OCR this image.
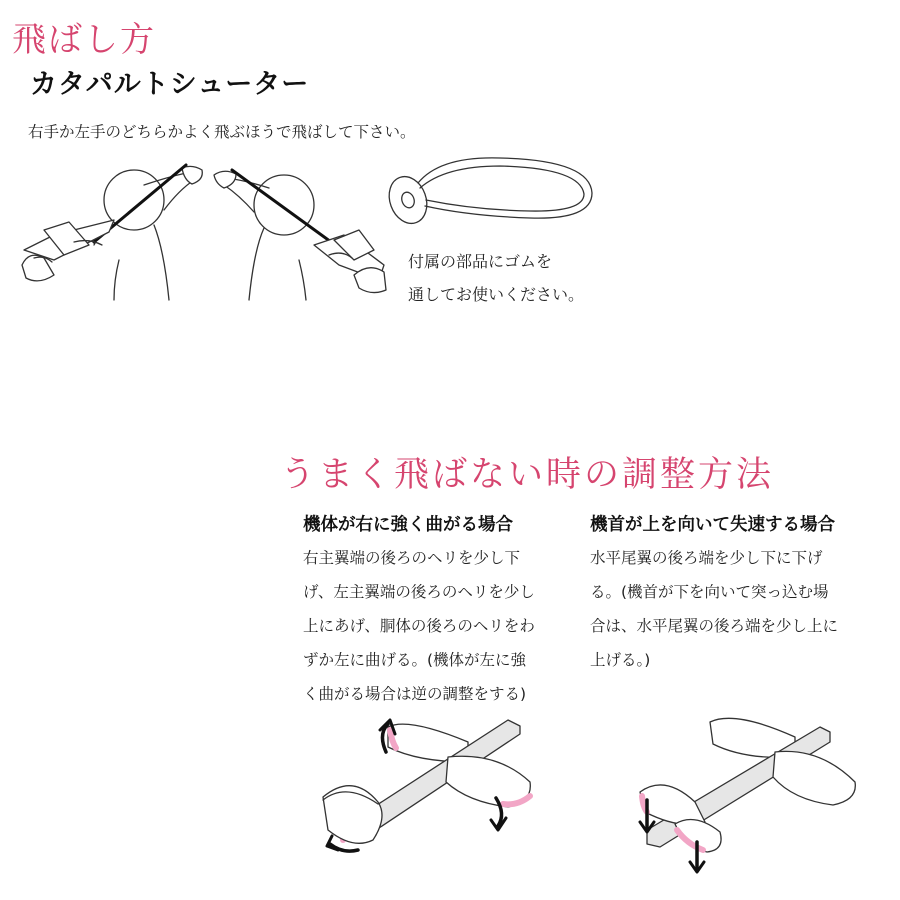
飛ばし方
カタパルトシューター
右手か左手のどちらかよく飛ぶほうで飛ばして下さい。
付属の部品にゴムを
通してお使いください。
うまく飛ばない時の調整方法
機体が右に強く曲がる場合
右主翼端の後ろのヘリを少し下
げ、左主翼端の後ろのヘリを少し
上にあげ、胴体の後ろのヘリをわ
ずか左に曲げる。(機体が左に強
く曲がる場合は逆の調整をする)
機首が上を向いて失速する場合
水平尾翼の後ろ端を少し下に下げ
る。(機首が下を向いて突っ込む場
合は、水平尾翼の後ろ端を少し上に
上げる。)
